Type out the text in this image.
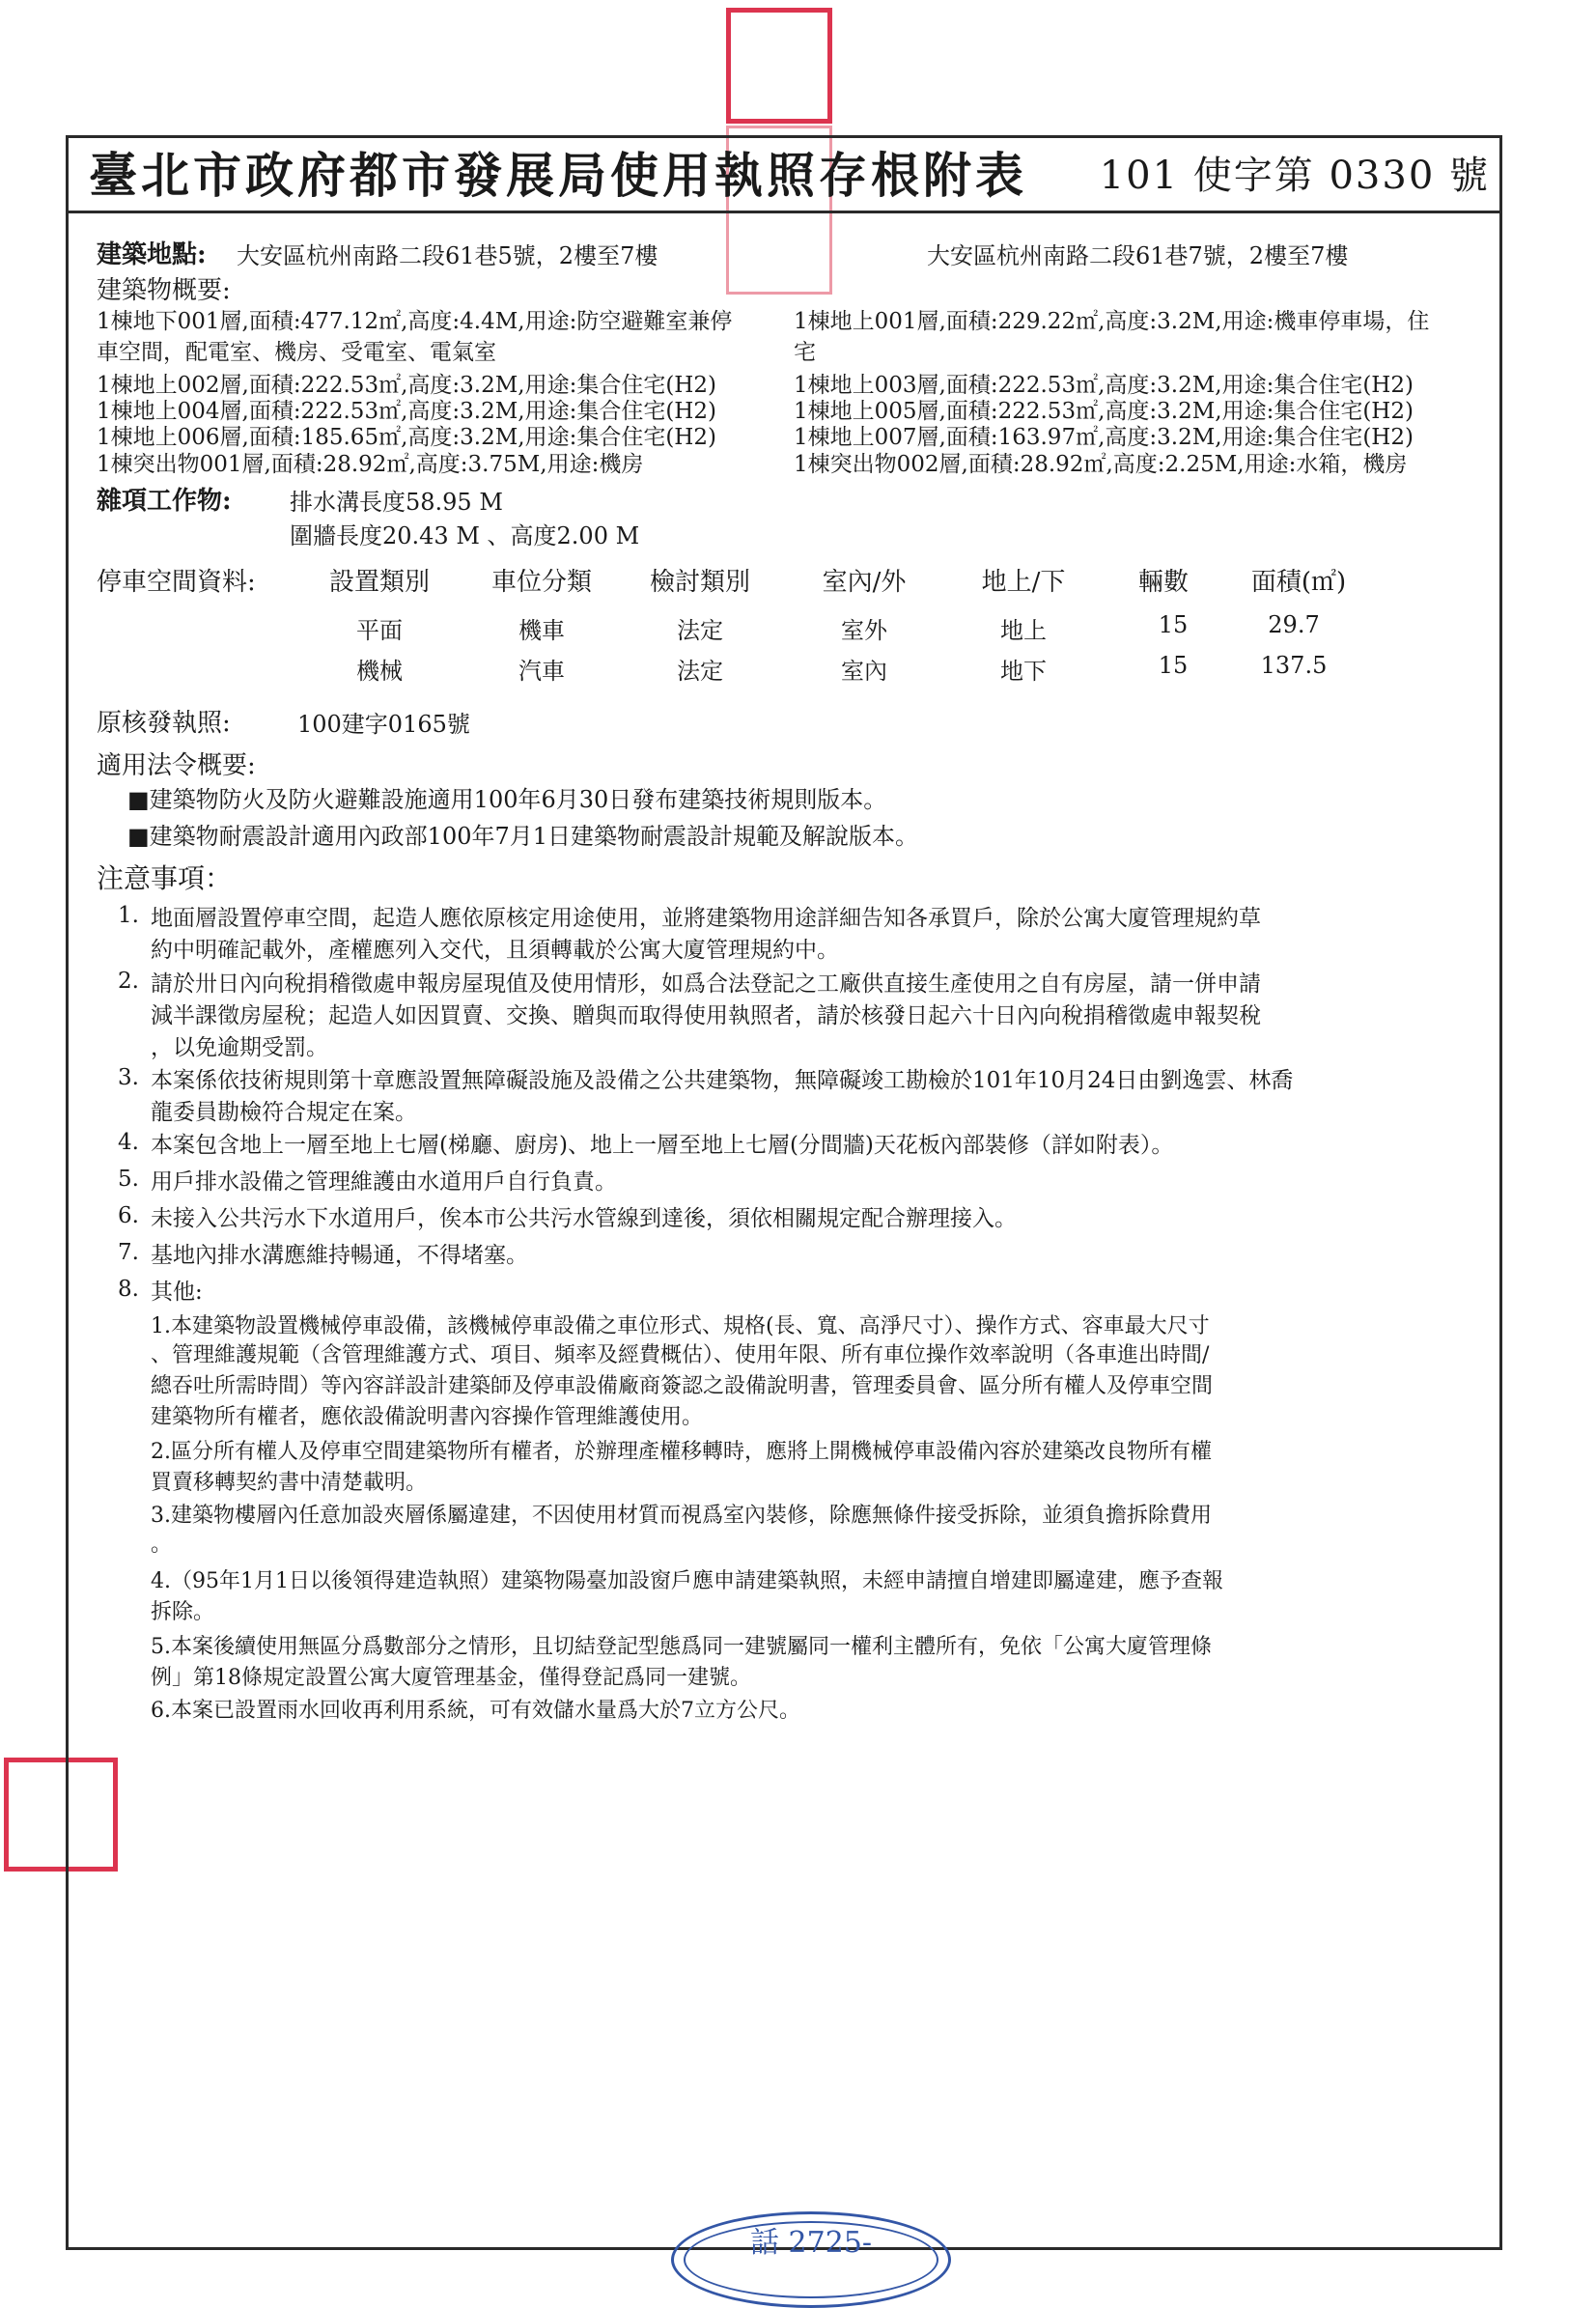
臺北市政府都市發展局使用執照存根附表 101 使字第 0330 號
建築地點: 大安區杭州南路二段61巷5號，2樓至7樓	大安區杭州南路二段61巷7號，2樓至7樓
建築物概要:
1棟地下001層,面積:477.12㎡,高度:4.4M,用途:防空避難室兼停
車空間，配電室、機房、受電室、電氣室
1棟地上002層,面積:222.53㎡,高度:3.2M,用途:集合住宅(H2)
1棟地上004層,面積:222.53㎡,高度:3.2M,用途:集合住宅(H2)
1棟地上006層,面積:185.65㎡,高度:3.2M,用途:集合住宅(H2)
1棟突出物001層,面積:28.92㎡,高度:3.75M,用途:機房
1棟地上001層,面積:229.22㎡,高度:3.2M,用途:機車停車場，住
宅
1棟地上003層,面積:222.53㎡,高度:3.2M,用途:集合住宅(H2)
1棟地上005層,面積:222.53㎡,高度:3.2M,用途:集合住宅(H2)
1棟地上007層,面積:163.97㎡,高度:3.2M,用途:集合住宅(H2)
1棟突出物002層,面積:28.92㎡,高度:2.25M,用途:水箱，機房
雜項工作物:	排水溝長度58.95 M
圍牆長度20.43 M 、高度2.00 M
停車空間資料:	設置類別	車位分類	檢討類別	室內/外	地上/下	輛數	面積(㎡)
平面	機車	法定	室外	地上	15	29.7
機械	汽車	法定	室內	地下	15	137.5
原核發執照:	100建字0165號
適用法令概要:
■建築物防火及防火避難設施適用100年6月30日發布建築技術規則版本。
■建築物耐震設計適用內政部100年7月1日建築物耐震設計規範及解說版本。
注意事項：
1. 地面層設置停車空間，起造人應依原核定用途使用，並將建築物用途詳細告知各承買戶，除於公寓大廈管理規約草
約中明確記載外，產權應列入交代，且須轉載於公寓大廈管理規約中。
2. 請於卅日內向稅捐稽徵處申報房屋現值及使用情形，如爲合法登記之工廠供直接生產使用之自有房屋，請一併申請
減半課徵房屋稅；起造人如因買賣、交換、贈與而取得使用執照者，請於核發日起六十日內向稅捐稽徵處申報契稅
，以免逾期受罰。
3. 本案係依技術規則第十章應設置無障礙設施及設備之公共建築物，無障礙竣工勘檢於101年10月24日由劉逸雲、林喬
龍委員勘檢符合規定在案。
4. 本案包含地上一層至地上七層(梯廳、廚房)、地上一層至地上七層(分間牆)天花板內部裝修（詳如附表）。
5. 用戶排水設備之管理維護由水道用戶自行負責。
6. 未接入公共污水下水道用戶，俟本市公共污水管線到達後，須依相關規定配合辦理接入。
7. 基地內排水溝應維持暢通，不得堵塞。
8. 其他:
1.本建築物設置機械停車設備，該機械停車設備之車位形式、規格(長、寬、高淨尺寸）、操作方式、容車最大尺寸
、管理維護規範（含管理維護方式、項目、頻率及經費概估）、使用年限、所有車位操作效率說明（各車進出時間/
總吞吐所需時間）等內容詳設計建築師及停車設備廠商簽認之設備說明書，管理委員會、區分所有權人及停車空間
建築物所有權者，應依設備說明書內容操作管理維護使用。
2.區分所有權人及停車空間建築物所有權者，於辦理產權移轉時，應將上開機械停車設備內容於建築改良物所有權
買賣移轉契約書中清楚載明。
3.建築物樓層內任意加設夾層係屬違建，不因使用材質而視爲室內裝修，除應無條件接受拆除，並須負擔拆除費用
。
4.（95年1月1日以後領得建造執照）建築物陽臺加設窗戶應申請建築執照，未經申請擅自增建即屬違建，應予查報
拆除。
5.本案後續使用無區分爲數部分之情形，且切結登記型態爲同一建號屬同一權利主體所有，免依「公寓大廈管理條
例」第18條規定設置公寓大廈管理基金，僅得登記爲同一建號。
6.本案已設置雨水回收再利用系統，可有效儲水量爲大於7立方公尺。
話 2725-
